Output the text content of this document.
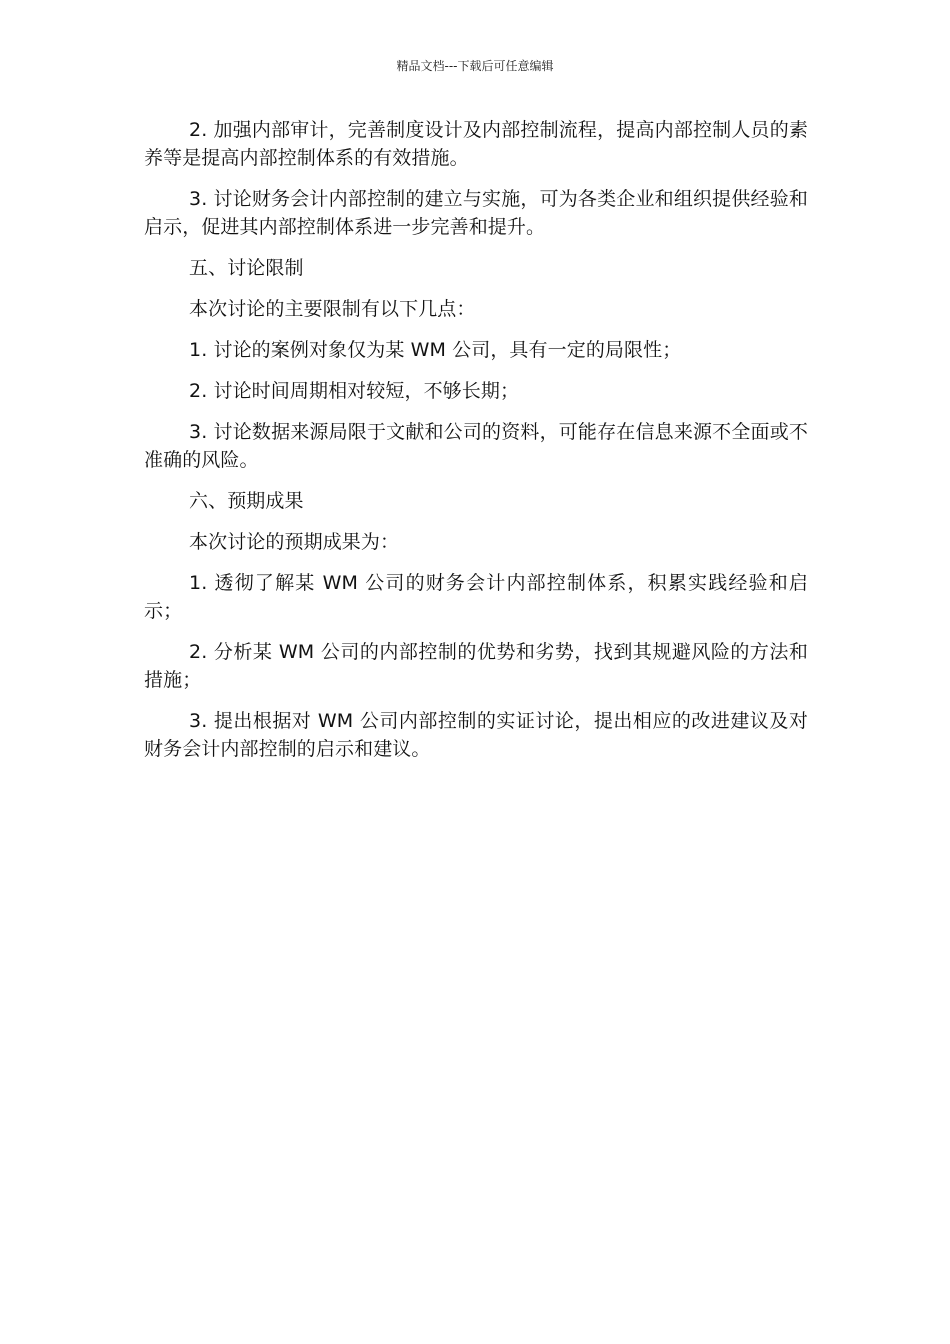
精品文档---下载后可任意编辑

2. 加强内部审计，完善制度设计及内部控制流程，提高内部控制人员的素养等是提高内部控制体系的有效措施。

3. 讨论财务会计内部控制的建立与实施，可为各类企业和组织提供经验和启示，促进其内部控制体系进一步完善和提升。

五、讨论限制

本次讨论的主要限制有以下几点：

1. 讨论的案例对象仅为某 WM 公司，具有一定的局限性；

2. 讨论时间周期相对较短，不够长期；

3. 讨论数据来源局限于文献和公司的资料，可能存在信息来源不全面或不准确的风险。

六、预期成果

本次讨论的预期成果为：

1. 透彻了解某 WM 公司的财务会计内部控制体系，积累实践经验和启示；

2. 分析某 WM 公司的内部控制的优势和劣势，找到其规避风险的方法和措施；

3. 提出根据对 WM 公司内部控制的实证讨论，提出相应的改进建议及对财务会计内部控制的启示和建议。
